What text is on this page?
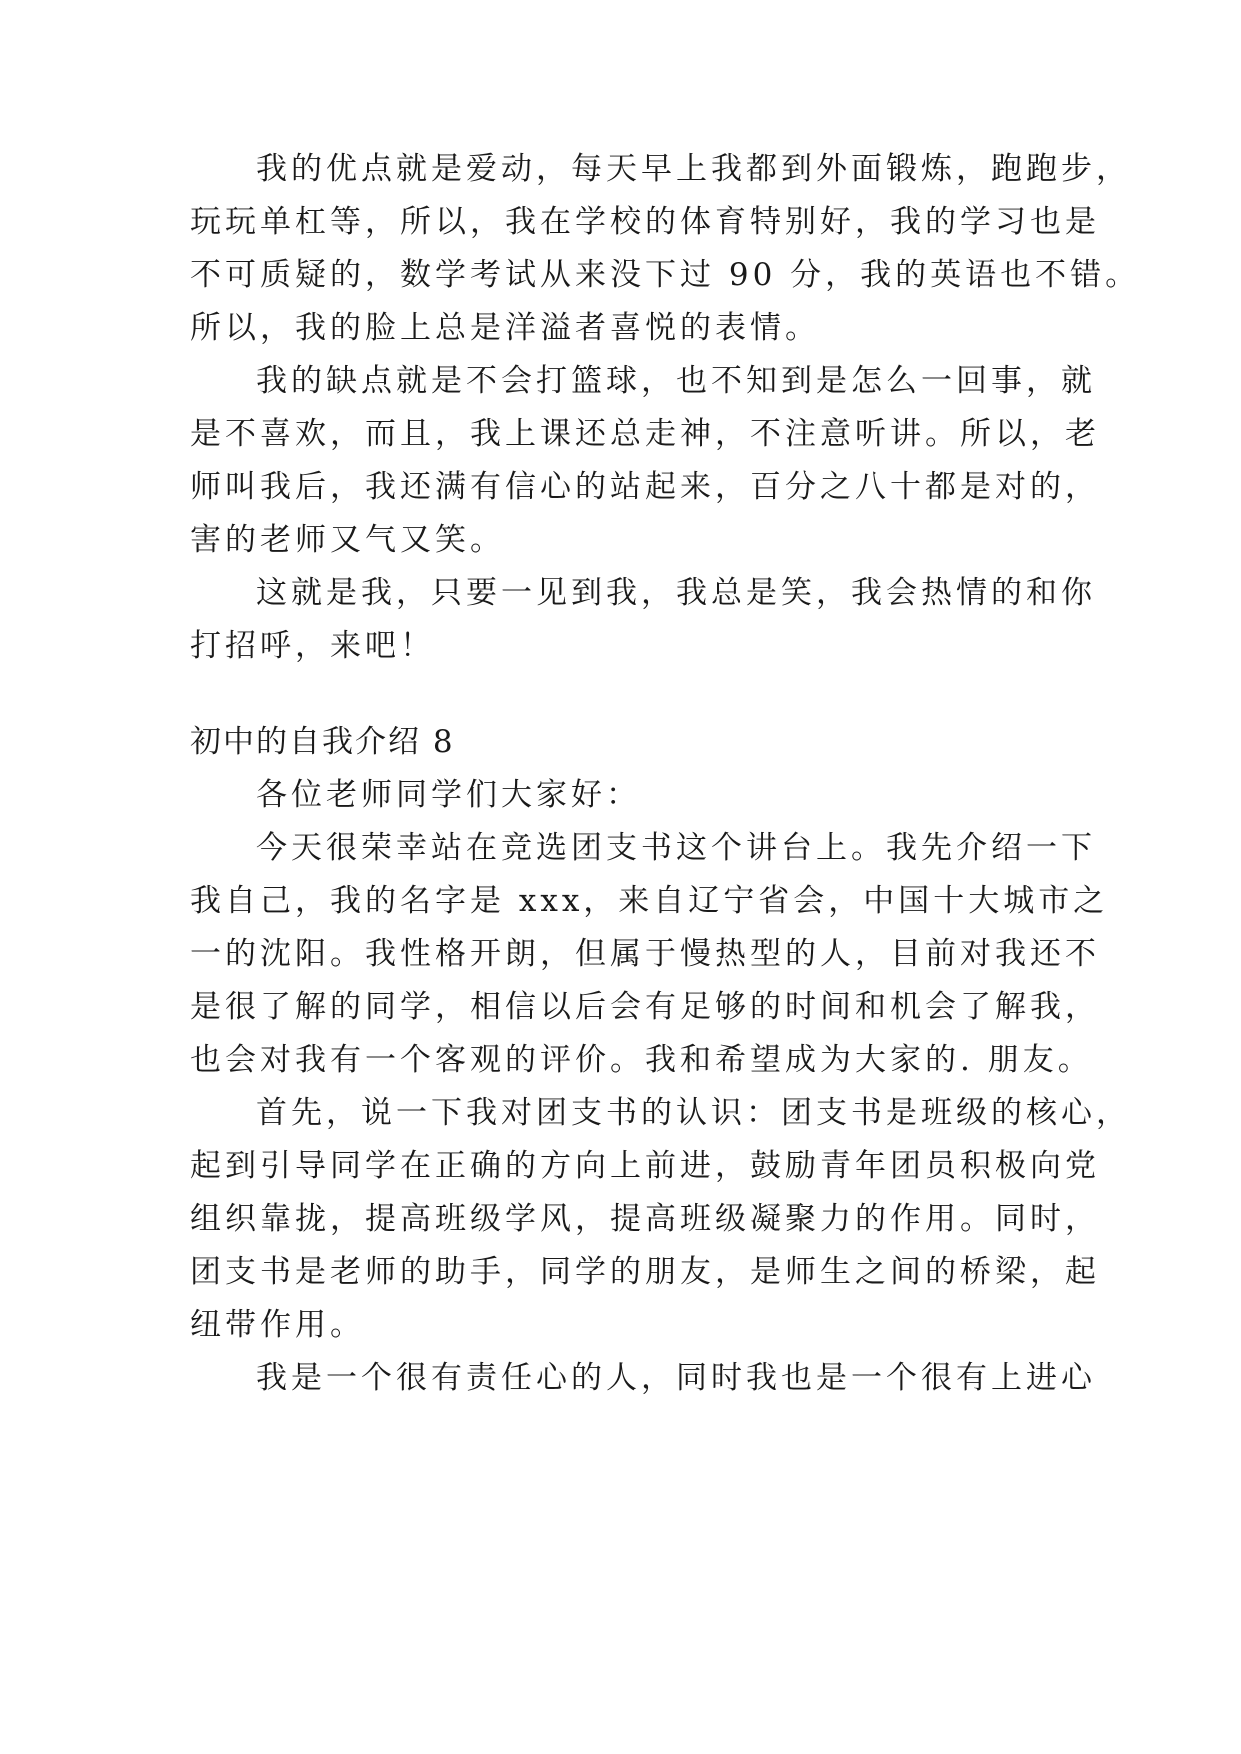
我的优点就是爱动，每天早上我都到外面锻炼，跑跑步，
玩玩单杠等，所以，我在学校的体育特别好，我的学习也是
不可质疑的，数学考试从来没下过 90 分，我的英语也不错。
所以，我的脸上总是洋溢者喜悦的表情。
我的缺点就是不会打篮球，也不知到是怎么一回事，就
是不喜欢，而且，我上课还总走神，不注意听讲。所以，老
师叫我后，我还满有信心的站起来，百分之八十都是对的，
害的老师又气又笑。
这就是我，只要一见到我，我总是笑，我会热情的和你
打招呼，来吧！
初中的自我介绍 8
各位老师同学们大家好：
今天很荣幸站在竞选团支书这个讲台上。我先介绍一下
我自己，我的名字是 xxx，来自辽宁省会，中国十大城市之
一的沈阳。我性格开朗，但属于慢热型的人，目前对我还不
是很了解的同学，相信以后会有足够的时间和机会了解我，
也会对我有一个客观的评价。我和希望成为大家的. 朋友。
首先，说一下我对团支书的认识：团支书是班级的核心，
起到引导同学在正确的方向上前进，鼓励青年团员积极向党
组织靠拢，提高班级学风，提高班级凝聚力的作用。同时，
团支书是老师的助手，同学的朋友，是师生之间的桥梁，起
纽带作用。
我是一个很有责任心的人，同时我也是一个很有上进心
